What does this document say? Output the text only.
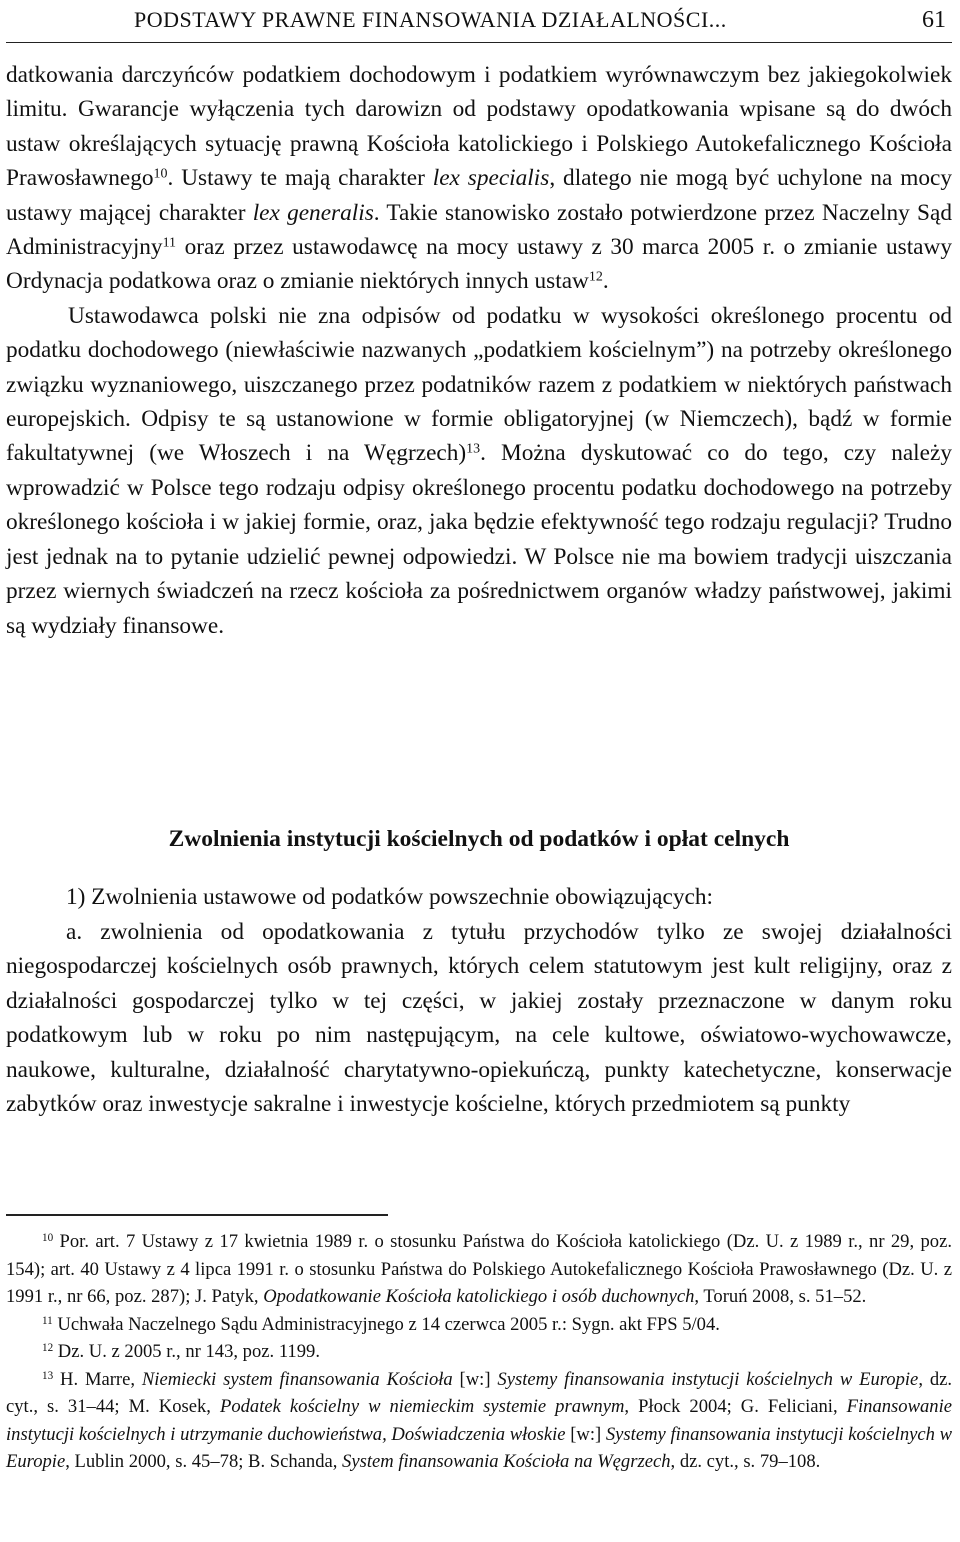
PODSTAWY PRAWNE FINANSOWANIA DZIAŁALNOŚCI...	61

datkowania darczyńców podatkiem dochodowym i podatkiem wyrównawczym bez jakiegokolwiek limitu. Gwarancje wyłączenia tych darowizn od podstawy opodatkowania wpisane są do dwóch ustaw określających sytuację prawną Kościoła katolickiego i Polskiego Autokefalicznego Kościoła Prawosławnego$^{10}$. Ustawy te mają charakter lex specialis, dlatego nie mogą być uchylone na mocy ustawy mającej charakter lex generalis. Takie stanowisko zostało potwierdzone przez Naczelny Sąd Administracyjny$^{11}$ oraz przez ustawodawcę na mocy ustawy z 30 marca 2005 r. o zmianie ustawy Ordynacja podatkowa oraz o zmianie niektórych innych ustaw$^{12}$.

Ustawodawca polski nie zna odpisów od podatku w wysokości określonego procentu od podatku dochodowego (niewłaściwie nazwanych „podatkiem kościelnym”) na potrzeby określonego związku wyznaniowego, uiszczanego przez podatników razem z podatkiem w niektórych państwach europejskich. Odpisy te są ustanowione w formie obligatoryjnej (w Niemczech), bądź w formie fakultatywnej (we Włoszech i na Węgrzech)$^{13}$. Można dyskutować co do tego, czy należy wprowadzić w Polsce tego rodzaju odpisy określonego procentu podatku dochodowego na potrzeby określonego kościoła i w jakiej formie, oraz, jaka będzie efektywność tego rodzaju regulacji? Trudno jest jednak na to pytanie udzielić pewnej odpowiedzi. W Polsce nie ma bowiem tradycji uiszczania przez wiernych świadczeń na rzecz kościoła za pośrednictwem organów władzy państwowej, jakimi są wydziały finansowe.

Zwolnienia instytucji kościelnych od podatków i opłat celnych

1) Zwolnienia ustawowe od podatków powszechnie obowiązujących:

a. zwolnienia od opodatkowania z tytułu przychodów tylko ze swojej działalności niegospodarczej kościelnych osób prawnych, których celem statutowym jest kult religijny, oraz z działalności gospodarczej tylko w tej części, w jakiej zostały przeznaczone w danym roku podatkowym lub w roku po nim następującym, na cele kultowe, oświatowo-wychowawcze, naukowe, kulturalne, działalność charytatywno-opiekuńczą, punkty katechetyczne, konserwacje zabytków oraz inwestycje sakralne i inwestycje kościelne, których przedmiotem są punkty

$^{10}$ Por. art. 7 Ustawy z 17 kwietnia 1989 r. o stosunku Państwa do Kościoła katolickiego (Dz. U. z 1989 r., nr 29, poz. 154); art. 40 Ustawy z 4 lipca 1991 r. o stosunku Państwa do Polskiego Autokefalicznego Kościoła Prawosławnego (Dz. U. z 1991 r., nr 66, poz. 287); J. Patyk, Opodatkowanie Kościoła katolickiego i osób duchownych, Toruń 2008, s. 51–52.

$^{11}$ Uchwała Naczelnego Sądu Administracyjnego z 14 czerwca 2005 r.: Sygn. akt FPS 5/04.

$^{12}$ Dz. U. z 2005 r., nr 143, poz. 1199.

$^{13}$ H. Marre, Niemiecki system finansowania Kościoła [w:] Systemy finansowania instytucji kościelnych w Europie, dz. cyt., s. 31–44; M. Kosek, Podatek kościelny w niemieckim systemie prawnym, Płock 2004; G. Feliciani, Finansowanie instytucji kościelnych i utrzymanie duchowieństwa, Doświadczenia włoskie [w:] Systemy finansowania instytucji kościelnych w Europie, Lublin 2000, s. 45–78; B. Schanda, System finansowania Kościoła na Węgrzech, dz. cyt., s. 79–108.
